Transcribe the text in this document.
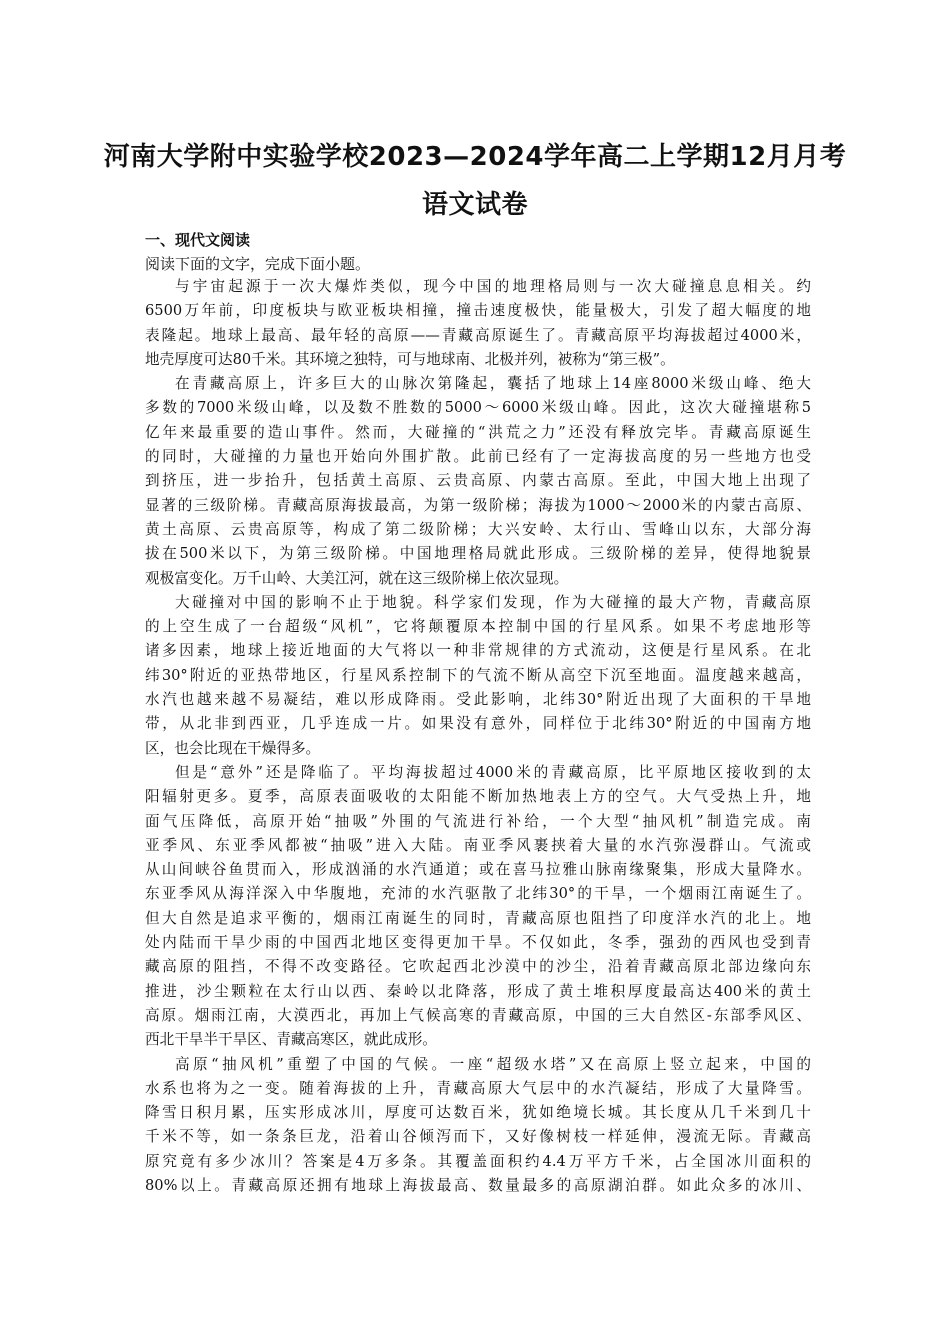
河南大学附中实验学校2023—2024学年高二上学期12月月考
语文试卷
一、现代文阅读

阅读下面的文字，完成下面小题。

与宇宙起源于一次大爆炸类似，现今中国的地理格局则与一次大碰撞息息相关。约
6500万年前，印度板块与欧亚板块相撞，撞击速度极快，能量极大，引发了超大幅度的地
表隆起。地球上最高、最年轻的高原——青藏高原诞生了。青藏高原平均海拔超过4000米，
地壳厚度可达80千米。其环境之独特，可与地球南、北极并列，被称为“第三极”。
在青藏高原上，许多巨大的山脉次第隆起，囊括了地球上14座8000米级山峰、绝大
多数的7000米级山峰，以及数不胜数的5000～6000米级山峰。因此，这次大碰撞堪称5
亿年来最重要的造山事件。然而，大碰撞的“洪荒之力”还没有释放完毕。青藏高原诞生
的同时，大碰撞的力量也开始向外围扩散。此前已经有了一定海拔高度的另一些地方也受
到挤压，进一步抬升，包括黄土高原、云贵高原、内蒙古高原。至此，中国大地上出现了
显著的三级阶梯。青藏高原海拔最高，为第一级阶梯；海拔为1000～2000米的内蒙古高原、
黄土高原、云贵高原等，构成了第二级阶梯；大兴安岭、太行山、雪峰山以东，大部分海
拔在500米以下，为第三级阶梯。中国地理格局就此形成。三级阶梯的差异，使得地貌景
观极富变化。万千山岭、大美江河，就在这三级阶梯上依次显现。
大碰撞对中国的影响不止于地貌。科学家们发现，作为大碰撞的最大产物，青藏高原
的上空生成了一台超级“风机”，它将颠覆原本控制中国的行星风系。如果不考虑地形等
诸多因素，地球上接近地面的大气将以一种非常规律的方式流动，这便是行星风系。在北
纬30°附近的亚热带地区，行星风系控制下的气流不断从高空下沉至地面。温度越来越高，
水汽也越来越不易凝结，难以形成降雨。受此影响，北纬30°附近出现了大面积的干旱地
带，从北非到西亚，几乎连成一片。如果没有意外，同样位于北纬30°附近的中国南方地
区，也会比现在干燥得多。
但是“意外”还是降临了。平均海拔超过4000米的青藏高原，比平原地区接收到的太
阳辐射更多。夏季，高原表面吸收的太阳能不断加热地表上方的空气。大气受热上升，地
面气压降低，高原开始“抽吸”外围的气流进行补给，一个大型“抽风机”制造完成。南
亚季风、东亚季风都被“抽吸”进入大陆。南亚季风裹挟着大量的水汽弥漫群山。气流或
从山间峡谷鱼贯而入，形成汹涌的水汽通道；或在喜马拉雅山脉南缘聚集，形成大量降水。
东亚季风从海洋深入中华腹地，充沛的水汽驱散了北纬30°的干旱，一个烟雨江南诞生了。
但大自然是追求平衡的，烟雨江南诞生的同时，青藏高原也阻挡了印度洋水汽的北上。地
处内陆而干旱少雨的中国西北地区变得更加干旱。不仅如此，冬季，强劲的西风也受到青
藏高原的阻挡，不得不改变路径。它吹起西北沙漠中的沙尘，沿着青藏高原北部边缘向东
推进，沙尘颗粒在太行山以西、秦岭以北降落，形成了黄土堆积厚度最高达400米的黄土
高原。烟雨江南，大漠西北，再加上气候高寒的青藏高原，中国的三大自然区-东部季风区、
西北干旱半干旱区、青藏高寒区，就此成形。
高原“抽风机”重塑了中国的气候。一座“超级水塔”又在高原上竖立起来，中国的
水系也将为之一变。随着海拔的上升，青藏高原大气层中的水汽凝结，形成了大量降雪。
降雪日积月累，压实形成冰川，厚度可达数百米，犹如绝境长城。其长度从几千米到几十
千米不等，如一条条巨龙，沿着山谷倾泻而下，又好像树枝一样延伸，漫流无际。青藏高
原究竟有多少冰川？答案是4万多条。其覆盖面积约4.4万平方千米，占全国冰川面积的
80%以上。青藏高原还拥有地球上海拔最高、数量最多的高原湖泊群。如此众多的冰川、
